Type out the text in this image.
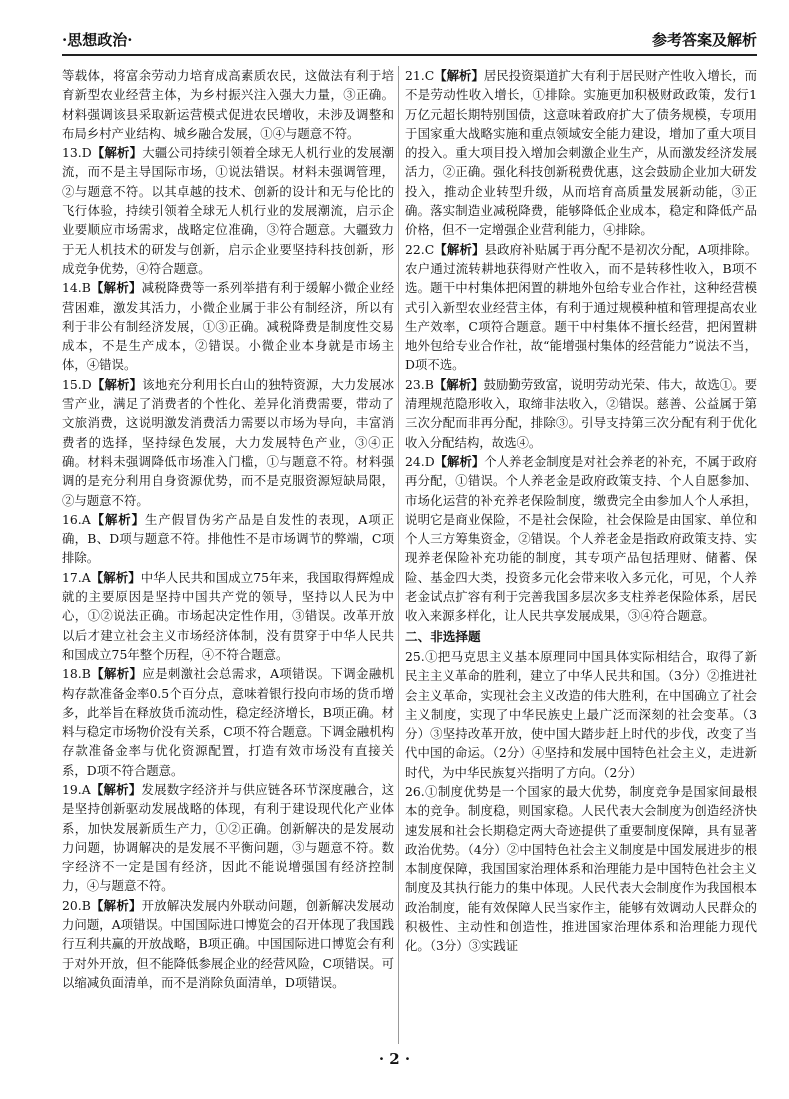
·思想政治·	参考答案及解析

等载体，将富余劳动力培育成高素质农民，这做法有利于培育新型农业经营主体，为乡村振兴注入强大力量，③正确。材料强调该县采取新运营模式促进农民增收，未涉及调整和布局乡村产业结构、城乡融合发展，①④与题意不符。

13.D【解析】大疆公司持续引领着全球无人机行业的发展潮流，而不是主导国际市场，①说法错误。材料未强调管理，②与题意不符。以其卓越的技术、创新的设计和无与伦比的飞行体验，持续引领着全球无人机行业的发展潮流，启示企业要顺应市场需求，战略定位准确，③符合题意。大疆致力于无人机技术的研发与创新，启示企业要坚持科技创新，形成竞争优势，④符合题意。

14.B【解析】减税降费等一系列举措有利于缓解小微企业经营困难，激发其活力，小微企业属于非公有制经济，所以有利于非公有制经济发展，①③正确。减税降费是制度性交易成本，不是生产成本，②错误。小微企业本身就是市场主体，④错误。

15.D【解析】该地充分利用长白山的独特资源，大力发展冰雪产业，满足了消费者的个性化、差异化消费需要，带动了文旅消费，这说明激发消费活力需要以市场为导向，丰富消费者的选择，坚持绿色发展，大力发展特色产业，③④正确。材料未强调降低市场准入门槛，①与题意不符。材料强调的是充分利用自身资源优势，而不是克服资源短缺局限，②与题意不符。

16.A【解析】生产假冒伪劣产品是自发性的表现，A项正确，B、D项与题意不符。排他性不是市场调节的弊端，C项排除。

17.A【解析】中华人民共和国成立75年来，我国取得辉煌成就的主要原因是坚持中国共产党的领导，坚持以人民为中心，①②说法正确。市场起决定性作用，③错误。改革开放以后才建立社会主义市场经济体制，没有贯穿于中华人民共和国成立75年整个历程，④不符合题意。

18.B【解析】应是刺激社会总需求，A项错误。下调金融机构存款准备金率0.5个百分点，意味着银行投向市场的货币增多，此举旨在释放货币流动性，稳定经济增长，B项正确。材料与稳定市场物价没有关系，C项不符合题意。下调金融机构存款准备金率与优化资源配置，打造有效市场没有直接关系，D项不符合题意。

19.A【解析】发展数字经济并与供应链各环节深度融合，这是坚持创新驱动发展战略的体现，有利于建设现代化产业体系，加快发展新质生产力，①②正确。创新解决的是发展动力问题，协调解决的是发展不平衡问题，③与题意不符。数字经济不一定是国有经济，因此不能说增强国有经济控制力，④与题意不符。

20.B【解析】开放解决发展内外联动问题，创新解决发展动力问题，A项错误。中国国际进口博览会的召开体现了我国践行互利共赢的开放战略，B项正确。中国国际进口博览会有利于对外开放，但不能降低参展企业的经营风险，C项错误。可以缩减负面清单，而不是消除负面清单，D项错误。

21.C【解析】居民投资渠道扩大有利于居民财产性收入增长，而不是劳动性收入增长，①排除。实施更加积极财政政策，发行1万亿元超长期特别国债，这意味着政府扩大了债务规模，专项用于国家重大战略实施和重点领域安全能力建设，增加了重大项目的投入。重大项目投入增加会刺激企业生产，从而激发经济发展活力，②正确。强化科技创新税费优惠，这会鼓励企业加大研发投入，推动企业转型升级，从而培育高质量发展新动能，③正确。落实制造业减税降费，能够降低企业成本，稳定和降低产品价格，但不一定增强企业营利能力，④排除。

22.C【解析】县政府补贴属于再分配不是初次分配，A项排除。农户通过流转耕地获得财产性收入，而不是转移性收入，B项不选。题干中村集体把闲置的耕地外包给专业合作社，这种经营模式引入新型农业经营主体，有利于通过规模种植和管理提高农业生产效率，C项符合题意。题干中村集体不擅长经营，把闲置耕地外包给专业合作社，故“能增强村集体的经营能力”说法不当，D项不选。

23.B【解析】鼓励勤劳致富，说明劳动光荣、伟大，故选①。要清理规范隐形收入，取缔非法收入，②错误。慈善、公益属于第三次分配而非再分配，排除③。引导支持第三次分配有利于优化收入分配结构，故选④。

24.D【解析】个人养老金制度是对社会养老的补充，不属于政府再分配，①错误。个人养老金是政府政策支持、个人自愿参加、市场化运营的补充养老保险制度，缴费完全由参加人个人承担，说明它是商业保险，不是社会保险，社会保险是由国家、单位和个人三方筹集资金，②错误。个人养老金是指政府政策支持、实现养老保险补充功能的制度，其专项产品包括理财、储蓄、保险、基金四大类，投资多元化会带来收入多元化，可见，个人养老金试点扩容有利于完善我国多层次多支柱养老保险体系，居民收入来源多样化，让人民共享发展成果，③④符合题意。

二、非选择题

25.①把马克思主义基本原理同中国具体实际相结合，取得了新民主主义革命的胜利，建立了中华人民共和国。（3分）②推进社会主义革命，实现社会主义改造的伟大胜利，在中国确立了社会主义制度，实现了中华民族史上最广泛而深刻的社会变革。（3分）③坚持改革开放，使中国大踏步赶上时代的步伐，改变了当代中国的命运。（2分）④坚持和发展中国特色社会主义，走进新时代，为中华民族复兴指明了方向。（2分）

26.①制度优势是一个国家的最大优势，制度竞争是国家间最根本的竞争。制度稳，则国家稳。人民代表大会制度为创造经济快速发展和社会长期稳定两大奇迹提供了重要制度保障，具有显著政治优势。（4分）②中国特色社会主义制度是中国发展进步的根本制度保障，我国国家治理体系和治理能力是中国特色社会主义制度及其执行能力的集中体现。人民代表大会制度作为我国根本政治制度，能有效保障人民当家作主，能够有效调动人民群众的积极性、主动性和创造性，推进国家治理体系和治理能力现代化。（3分）③实践证

· 2 ·
